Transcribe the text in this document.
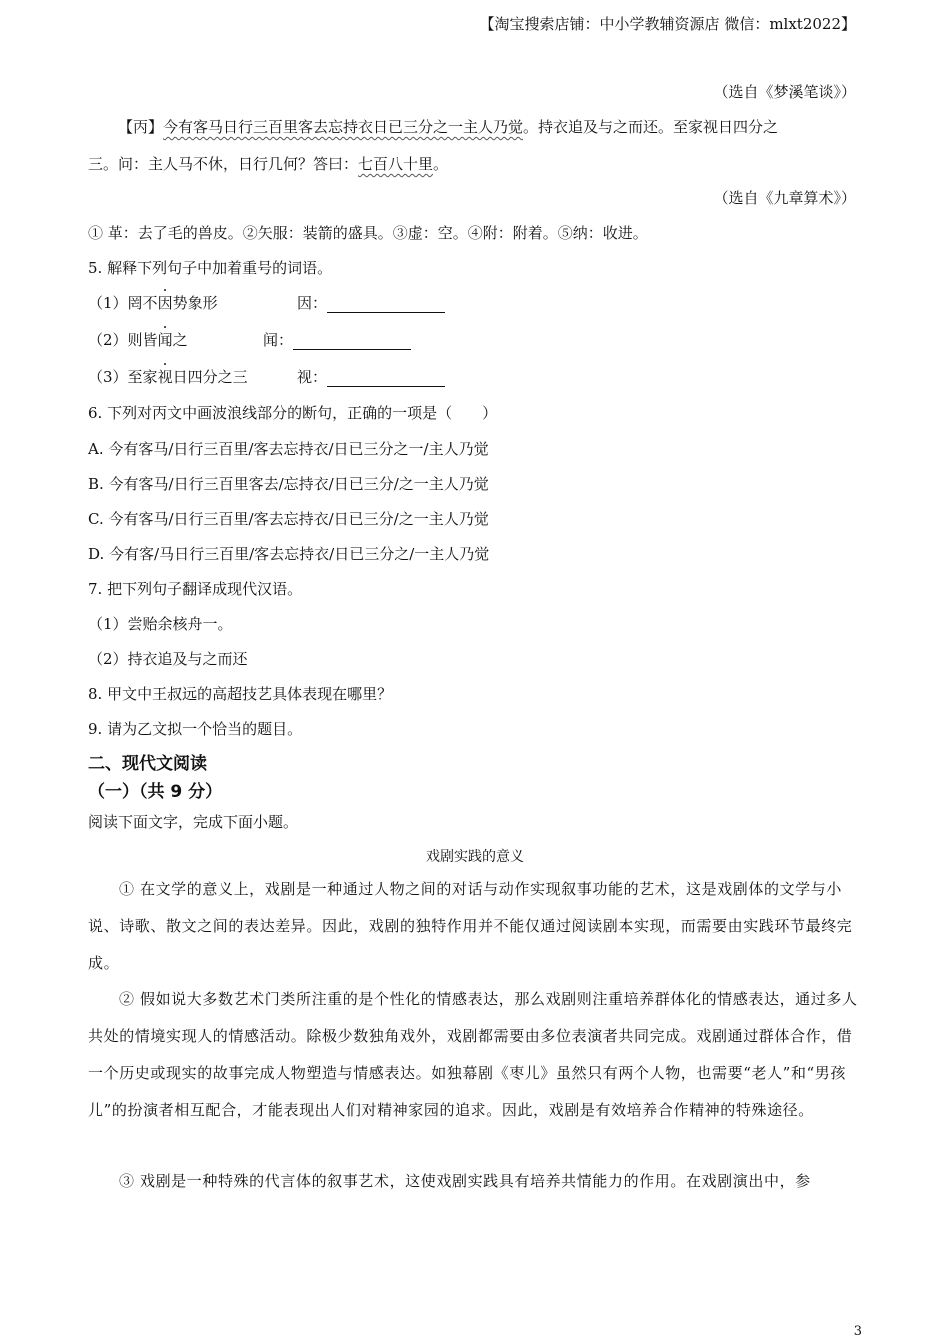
【淘宝搜索店铺：中小学教辅资源店 微信：mlxt2022】
（选自《梦溪笔谈》）
【丙】今有客马日行三百里客去忘持衣日已三分之一主人乃觉。持衣追及与之而还。至家视日四分之
三。问：主人马不休，日行几何？答曰：七百八十里。
（选自《九章算术》）
① 革：去了毛的兽皮。②矢服：装箭的盛具。③虚：空。④附：附着。⑤纳：收进。
5. 解释下列句子中加着重号的词语。
（1）罔不因势象形	因：
（2）则皆闻之	闻：
（3）至家视日四分之三	视：
6. 下列对丙文中画波浪线部分的断句，正确的一项是（　　）
A. 今有客马/日行三百里/客去忘持衣/日已三分之一/主人乃觉
B. 今有客马/日行三百里客去/忘持衣/日已三分/之一主人乃觉
C. 今有客马/日行三百里/客去忘持衣/日已三分/之一主人乃觉
D. 今有客/马日行三百里/客去忘持衣/日已三分之/一主人乃觉
7. 把下列句子翻译成现代汉语。
（1）尝贻余核舟一。
（2）持衣追及与之而还
8. 甲文中王叔远的高超技艺具体表现在哪里？
9. 请为乙文拟一个恰当的题目。
二、现代文阅读
（一）（共 9 分）
阅读下面文字，完成下面小题。
戏剧实践的意义
① 在文学的意义上，戏剧是一种通过人物之间的对话与动作实现叙事功能的艺术，这是戏剧体的文学与小说、诗歌、散文之间的表达差异。因此，戏剧的独特作用并不能仅通过阅读剧本实现，而需要由实践环节最终完成。
② 假如说大多数艺术门类所注重的是个性化的情感表达，那么戏剧则注重培养群体化的情感表达，通过多人共处的情境实现人的情感活动。除极少数独角戏外，戏剧都需要由多位表演者共同完成。戏剧通过群体合作，借一个历史或现实的故事完成人物塑造与情感表达。如独幕剧《枣儿》虽然只有两个人物，也需要“老人”和“男孩儿”的扮演者相互配合，才能表现出人们对精神家园的追求。因此，戏剧是有效培养合作精神的特殊途径。
③ 戏剧是一种特殊的代言体的叙事艺术，这使戏剧实践具有培养共情能力的作用。在戏剧演出中，参
3
